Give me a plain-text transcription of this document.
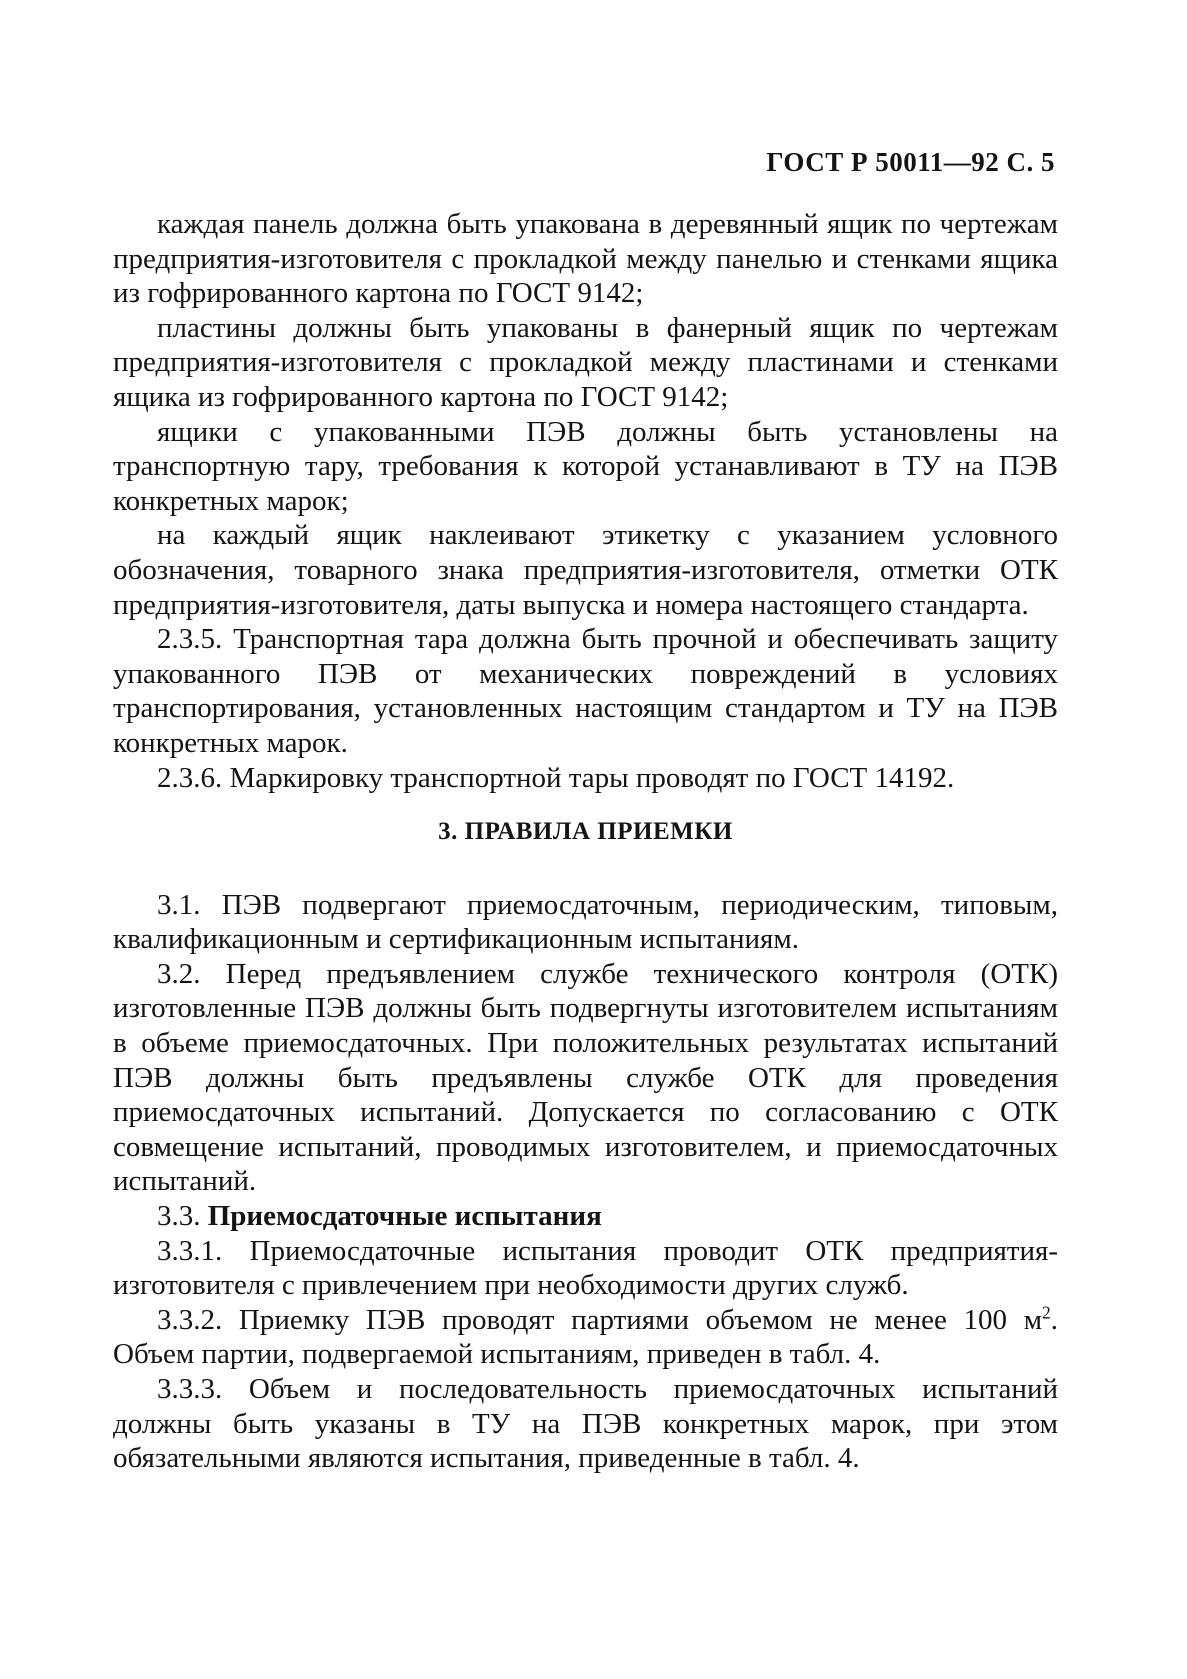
ГОСТ Р 50011—92 С. 5

каждая панель должна быть упакована в деревянный ящик по чертежам предприятия-изготовителя с прокладкой между панелью и стенками ящика из гофрированного картона по ГОСТ 9142;

пластины должны быть упакованы в фанерный ящик по чертежам предприятия-изготовителя с прокладкой между пластинами и стенками ящика из гофрированного картона по ГОСТ 9142;

ящики с упакованными ПЭВ должны быть установлены на транспортную тару, требования к которой устанавливают в ТУ на ПЭВ конкретных марок;

на каждый ящик наклеивают этикетку с указанием условного обозначения, товарного знака предприятия-изготовителя, отметки ОТК предприятия-изготовителя, даты выпуска и номера настоящего стандарта.

2.3.5. Транспортная тара должна быть прочной и обеспечивать защиту упакованного ПЭВ от механических повреждений в условиях транспортирования, установленных настоящим стандартом и ТУ на ПЭВ конкретных марок.

2.3.6. Маркировку транспортной тары проводят по ГОСТ 14192.

3. ПРАВИЛА ПРИЕМКИ

3.1. ПЭВ подвергают приемосдаточным, периодическим, типовым, квалификационным и сертификационным испытаниям.

3.2. Перед предъявлением службе технического контроля (ОТК) изготовленные ПЭВ должны быть подвергнуты изготовителем испытаниям в объеме приемосдаточных. При положительных результатах испытаний ПЭВ должны быть предъявлены службе ОТК для проведения приемосдаточных испытаний. Допускается по согласованию с ОТК совмещение испытаний, проводимых изготовителем, и приемосдаточных испытаний.

3.3. Приемосдаточные испытания

3.3.1. Приемосдаточные испытания проводит ОТК предприятия-изготовителя с привлечением при необходимости других служб.

3.3.2. Приемку ПЭВ проводят партиями объемом не менее 100 $м^2$. Объем партии, подвергаемой испытаниям, приведен в табл. 4.

3.3.3. Объем и последовательность приемосдаточных испытаний должны быть указаны в ТУ на ПЭВ конкретных марок, при этом обязательными являются испытания, приведенные в табл. 4.
